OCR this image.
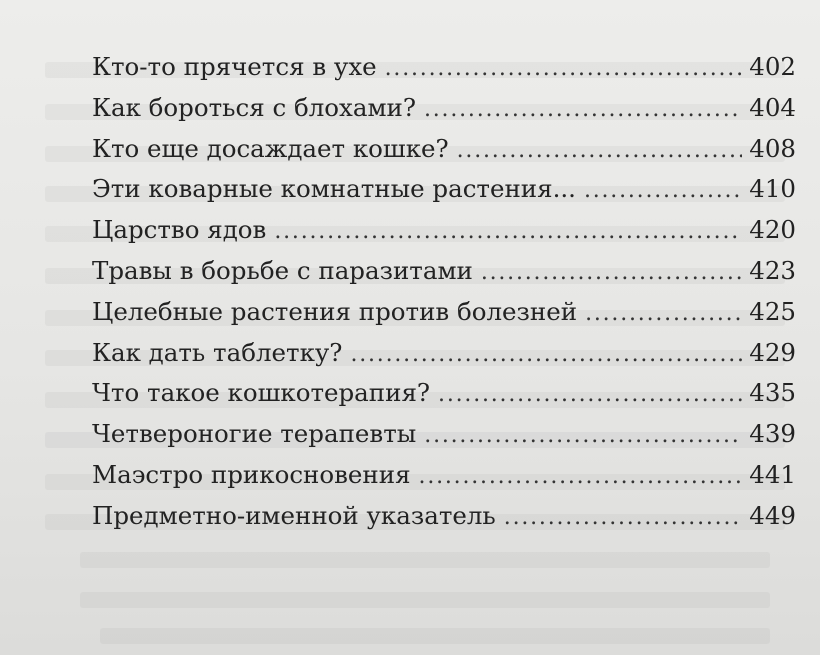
Кто-то прячется в ухе . . .	402
Как бороться с блохами? . . .	404
Кто еще досаждает кошке? . . .	408
Эти коварные комнатные растения... . . .	410
Царство ядов . . .	420
Травы в борьбе с паразитами . . .	423
Целебные растения против болезней . . .	425
Как дать таблетку? . . .	429
Что такое кошкотерапия? . . .	435
Четвероногие терапевты . . .	439
Маэстро прикосновения . . .	441
Предметно-именной указатель . . .	449
